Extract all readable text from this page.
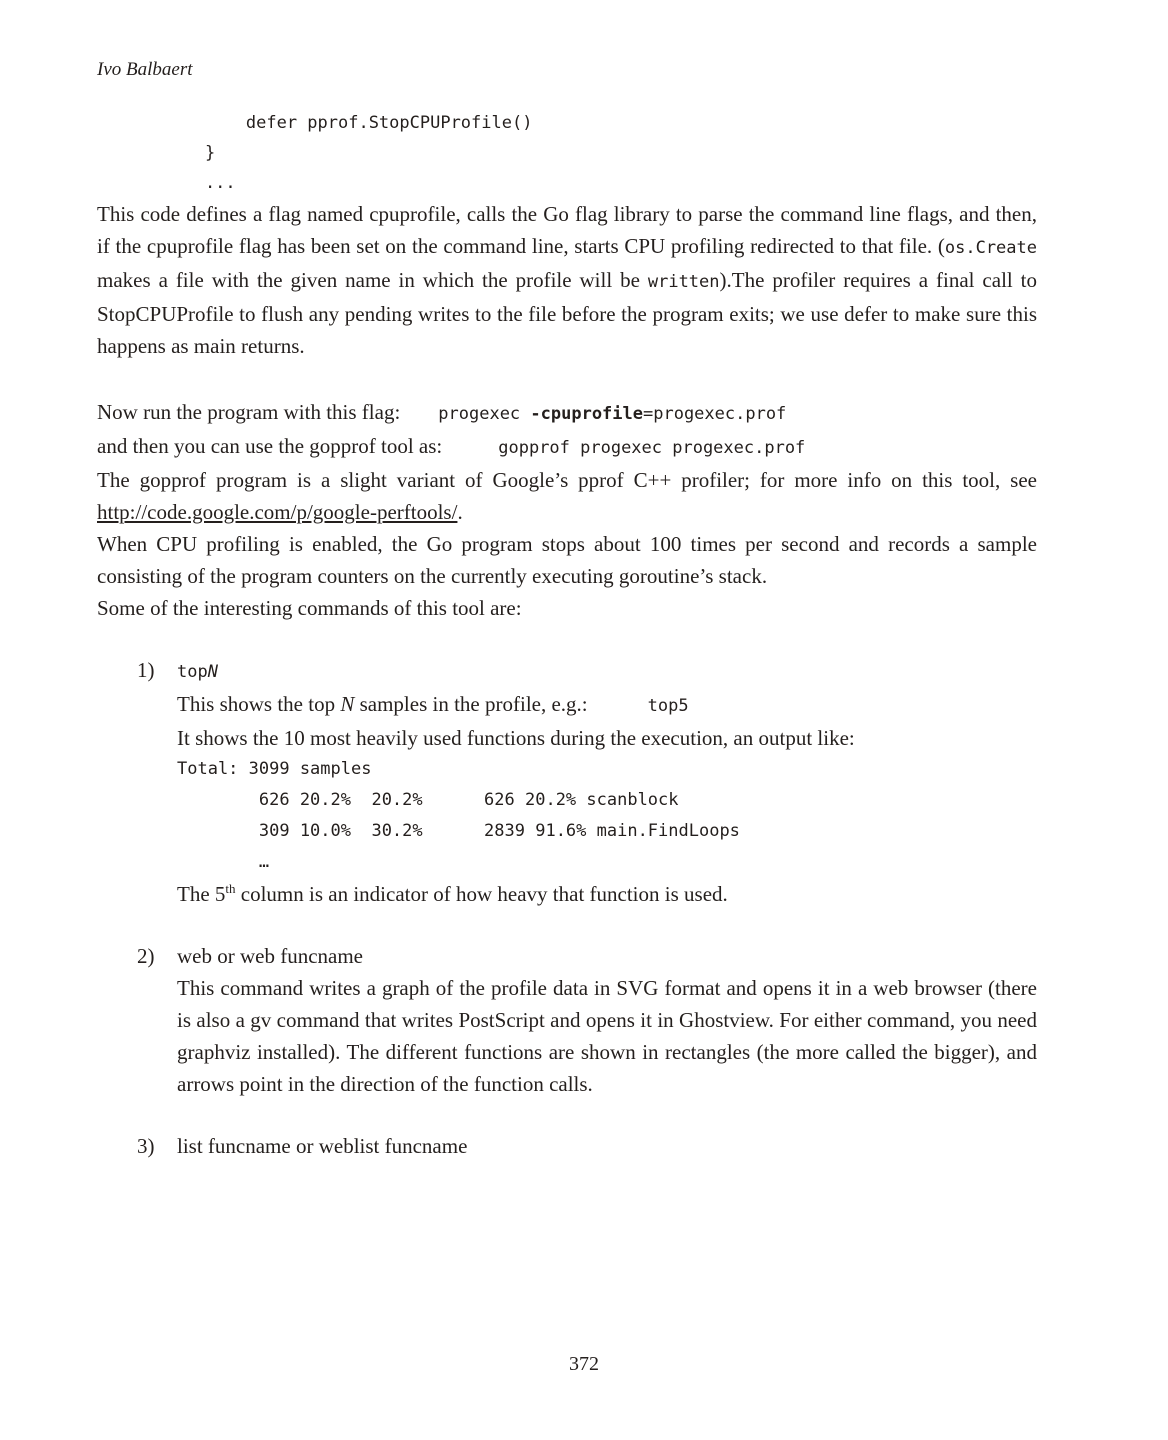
Ivo Balbaert
defer pprof.StopCPUProfile()
}
...

This code defines a flag named cpuprofile, calls the Go flag library to parse the command line flags, and then, if the cpuprofile flag has been set on the command line, starts CPU profiling redirected to that file. (os.Create makes a file with the given name in which the profile will be written).The profiler requires a final call to StopCPUProfile to flush any pending writes to the file before the program exits; we use defer to make sure this happens as main returns.

Now run the program with this flag: progexec -cpuprofile=progexec.prof
and then you can use the gopprof tool as:	gopprof progexec progexec.prof

The gopprof program is a slight variant of Google’s pprof C++ profiler; for more info on this tool, see http://code.google.com/p/google-perftools/.

When CPU profiling is enabled, the Go program stops about 100 times per second and records a sample consisting of the program counters on the currently executing goroutine’s stack.

Some of the interesting commands of this tool are:

1)	topN
This shows the top N samples in the profile, e.g.:	top5
It shows the 10 most heavily used functions during the execution, an output like:
Total: 3099 samples
626 20.2%  20.2%      626 20.2% scanblock
309 10.0%  30.2%      2839 91.6% main.FindLoops
…
The 5th column is an indicator of how heavy that function is used.
2)	web or web funcname
This command writes a graph of the profile data in SVG format and opens it in a web browser (there is also a gv command that writes PostScript and opens it in Ghostview. For either command, you need graphviz installed). The different functions are shown in rectangles (the more called the bigger), and arrows point in the direction of the function calls.
3)	list funcname or weblist funcname
372
